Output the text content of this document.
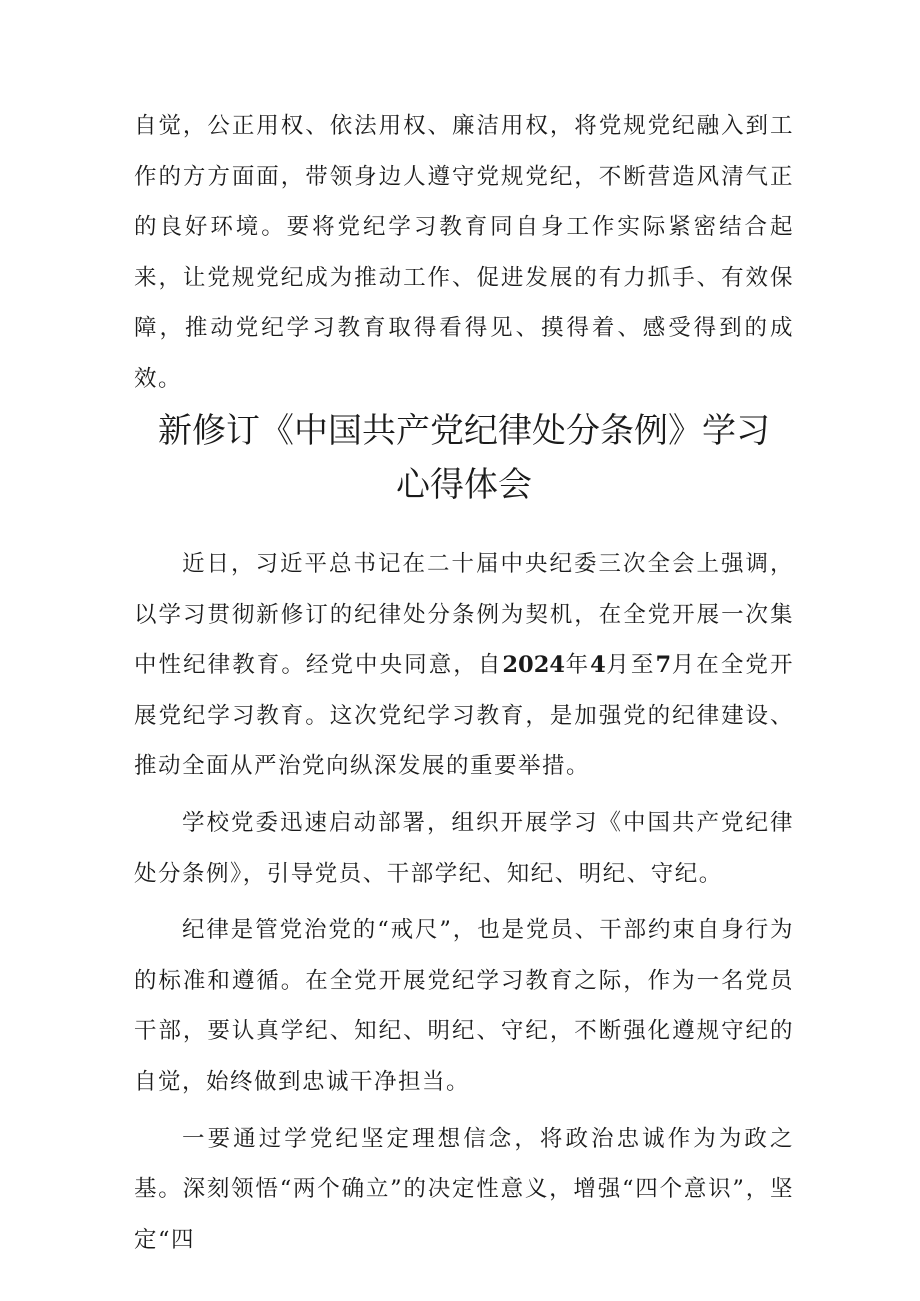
自觉，公正用权、依法用权、廉洁用权，将党规党纪融入到工作的方方面面，带领身边人遵守党规党纪，不断营造风清气正的良好环境。要将党纪学习教育同自身工作实际紧密结合起来，让党规党纪成为推动工作、促进发展的有力抓手、有效保障，推动党纪学习教育取得看得见、摸得着、感受得到的成效。

新修订《中国共产党纪律处分条例》学习
心得体会

近日，习近平总书记在二十届中央纪委三次全会上强调，以学习贯彻新修订的纪律处分条例为契机，在全党开展一次集中性纪律教育。经党中央同意，自2024年4月至7月在全党开展党纪学习教育。这次党纪学习教育，是加强党的纪律建设、推动全面从严治党向纵深发展的重要举措。

学校党委迅速启动部署，组织开展学习《中国共产党纪律处分条例》，引导党员、干部学纪、知纪、明纪、守纪。

纪律是管党治党的“戒尺”，也是党员、干部约束自身行为的标准和遵循。在全党开展党纪学习教育之际，作为一名党员干部，要认真学纪、知纪、明纪、守纪，不断强化遵规守纪的自觉，始终做到忠诚干净担当。

一要通过学党纪坚定理想信念，将政治忠诚作为为政之基。深刻领悟“两个确立”的决定性意义，增强“四个意识”，坚定“四
